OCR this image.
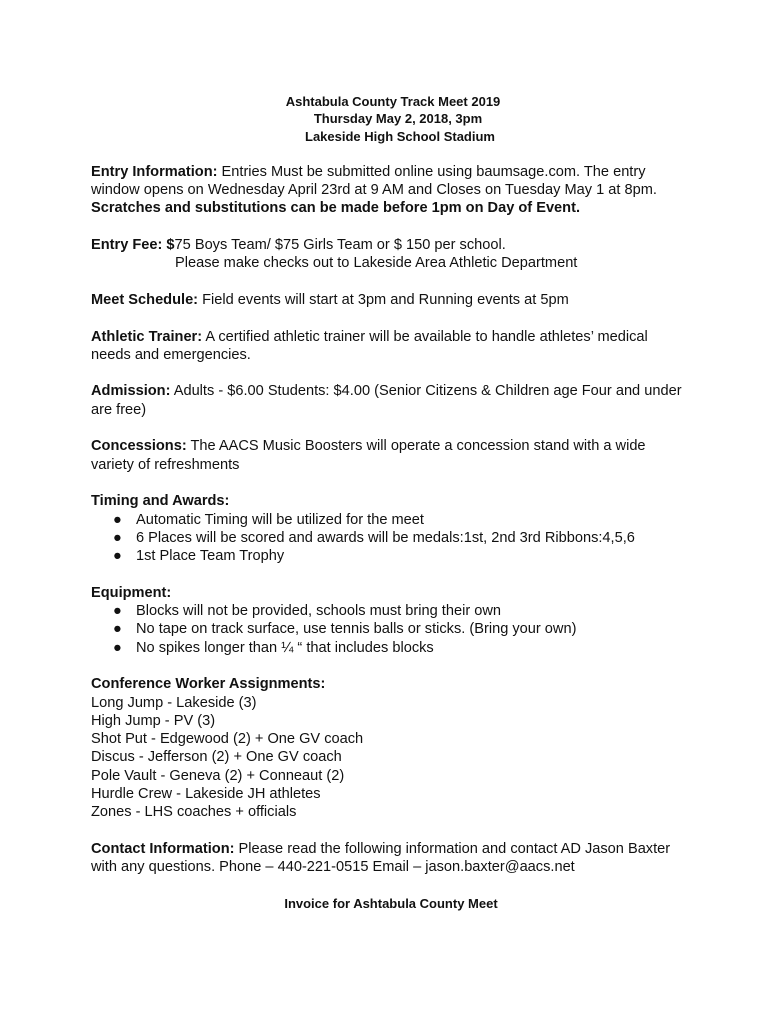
Ashtabula County Track Meet 2019
Thursday May 2, 2018, 3pm
Lakeside High School Stadium
Entry Information: Entries Must be submitted online using baumsage.com. The entry window opens on Wednesday April 23rd at 9 AM and Closes on Tuesday May 1 at 8pm.
Scratches and substitutions can be made before 1pm on Day of Event.
Entry Fee: $75 Boys Team/ $75 Girls Team or $ 150 per school.
Please make checks out to Lakeside Area Athletic Department
Meet Schedule: Field events will start at 3pm and Running events at 5pm
Athletic Trainer: A certified athletic trainer will be available to handle athletes’ medical needs and emergencies.
Admission: Adults - $6.00 Students: $4.00 (Senior Citizens & Children age Four and under are free)
Concessions: The AACS Music Boosters will operate a concession stand with a wide variety of refreshments
Timing and Awards:
● Automatic Timing will be utilized for the meet
● 6 Places will be scored and awards will be medals:1st, 2nd 3rd Ribbons:4,5,6
● 1st Place Team Trophy
Equipment:
● Blocks will not be provided, schools must bring their own
● No tape on track surface, use tennis balls or sticks. (Bring your own)
● No spikes longer than ¼ “ that includes blocks
Conference Worker Assignments:
Long Jump - Lakeside (3)
High Jump - PV (3)
Shot Put - Edgewood (2) + One GV coach
Discus - Jefferson (2) + One GV coach
Pole Vault - Geneva (2) + Conneaut (2)
Hurdle Crew - Lakeside JH athletes
Zones - LHS coaches + officials
Contact Information: Please read the following information and contact AD Jason Baxter with any questions. Phone – 440-221-0515 Email – jason.baxter@aacs.net
Invoice for Ashtabula County Meet
